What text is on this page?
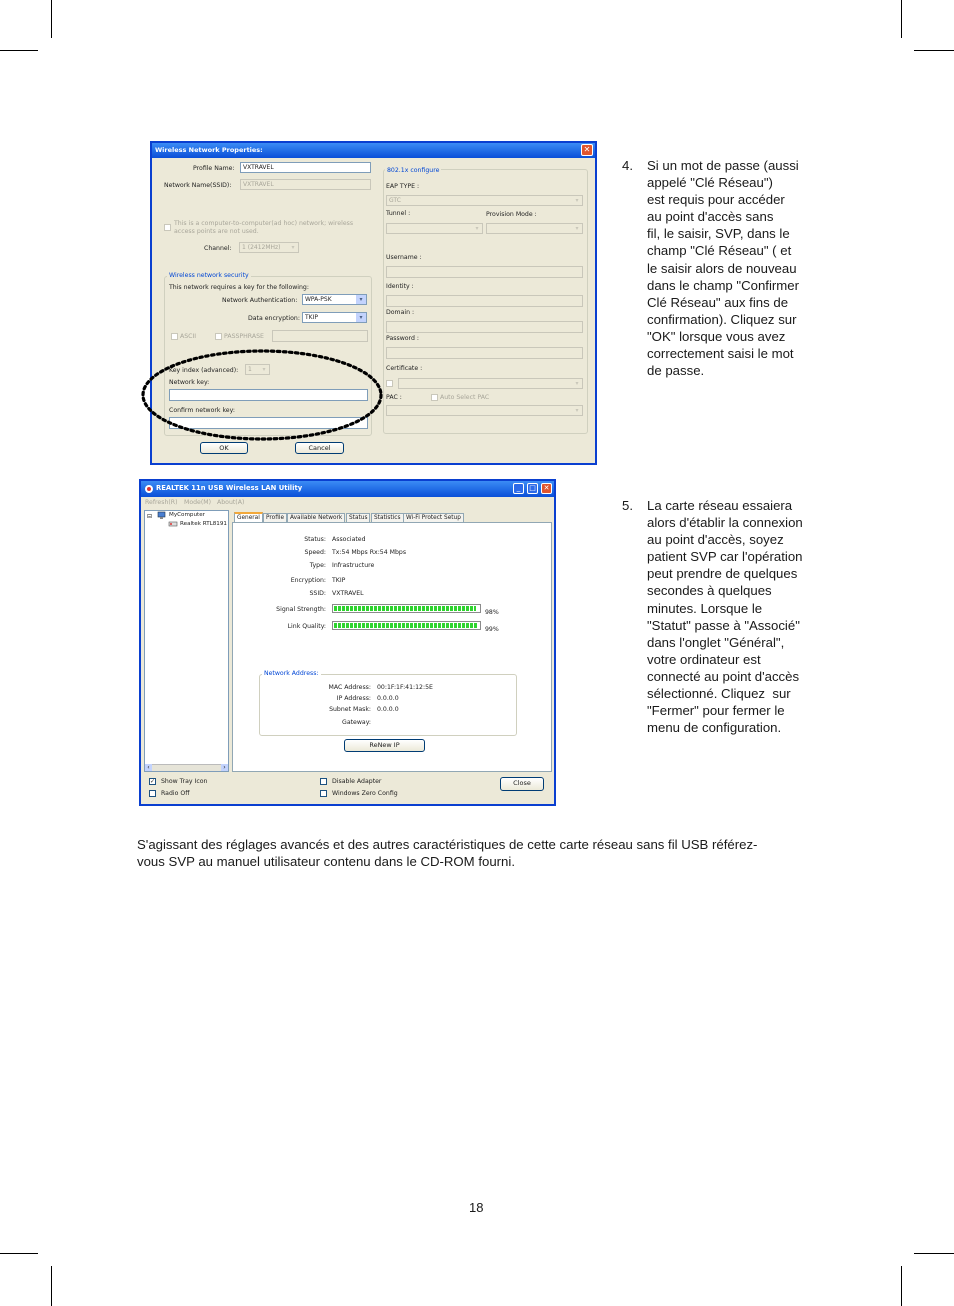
Wireless Network Properties:	✕
Profile Name:	VXTRAVEL
Network Name(SSID):	VXTRAVEL
This is a computer-to-computer(ad hoc) network; wireless
access points are not used.
Channel:	1 (2412MHz)	▾
Wireless network security
This network requires a key for the following:
Network Authentication:	WPA-PSK	▾
Data encryption: TKIP	▾
ASCII	PASSPHRASE
Key index (advanced):	1	▾
Network key:
Confirm network key:
OK	Cancel
802.1x configure
EAP TYPE :
GTC	▾
Tunnel :	Provision Mode :
▾	▾
Username :
Identity :
Domain :
Password :
Certificate :
▾
PAC :	Auto Select PAC
▾
REALTEK 11n USB Wireless LAN Utility	_	□	✕
Refresh(R) Mode(M) About(A)
⊟	MyComputer
Realtek RTL8191
‹	›
General	Profile	Available Network	Status	Statistics Wi-Fi Protect Setup
Status: Associated
Speed: Tx:54 Mbps Rx:54 Mbps
Type: Infrastructure
Encryption: TKIP
SSID: VXTRAVEL
Signal Strength:	98%
Link Quality:	99%
Network Address:
MAC Address: 00:1F:1F:41:12:5E
IP Address: 0.0.0.0
Subnet Mask: 0.0.0.0
Gateway:
ReNew IP
✓ Show Tray Icon
Radio Off
Disable Adapter
Windows Zero Config
Close
4. Si un mot de passe (aussi
appelé "Clé Réseau")
est requis pour accéder
au point d'accès sans
fil, le saisir, SVP, dans le
champ "Clé Réseau" ( et
le saisir alors de nouveau
dans le champ "Confirmer
Clé Réseau" aux fins de
confirmation). Cliquez sur
"OK" lorsque vous avez
correctement saisi le mot
de passe.
5. La carte réseau essaiera
alors d'établir la connexion
au point d'accès, soyez
patient SVP car l'opération
peut prendre de quelques
secondes à quelques
minutes. Lorsque le
"Statut" passe à "Associé"
dans l'onglet "Général",
votre ordinateur est
connecté au point d'accès
sélectionné. Cliquez  sur
"Fermer" pour fermer le
menu de configuration.
S'agissant des réglages avancés et des autres caractéristiques de cette carte réseau sans fil USB référez-
vous SVP au manuel utilisateur contenu dans le CD-ROM fourni.
18
